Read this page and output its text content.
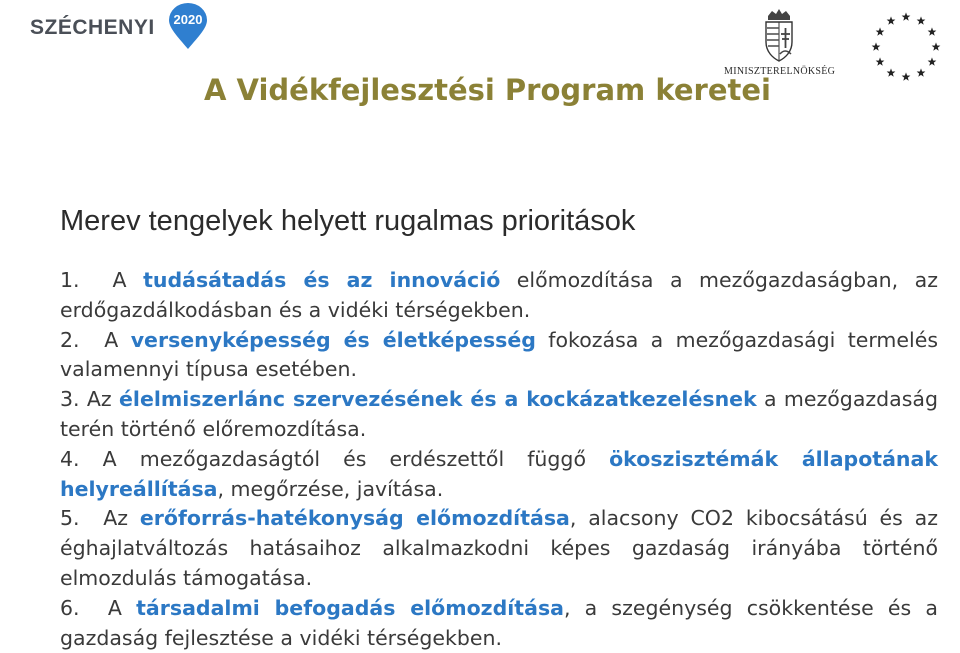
SZÉCHENYI 2020
MINISZTERELNÖKSÉG
A Vidékfejlesztési Program keretei
Merev tengelyek helyett rugalmas prioritások

1. A tudásátadás és az innováció előmozdítása a mezőgazdaságban, az erdőgazdálkodásban és a vidéki térségekben.

2. A versenyképesség és életképesség fokozása a mezőgazdasági termelés valamennyi típusa esetében.

3. Az élelmiszerlánc szervezésének és a kockázatkezelésnek a mezőgazdaság terén történő előremozdítása.

4. A mezőgazdaságtól és erdészettől függő ökoszisztémák állapotának helyreállítása, megőrzése, javítása.

5. Az erőforrás-hatékonyság előmozdítása, alacsony CO2 kibocsátású és az éghajlatváltozás hatásaihoz alkalmazkodni képes gazdaság irányába történő elmozdulás támogatása.

6. A társadalmi befogadás előmozdítása, a szegénység csökkentése és a gazdaság fejlesztése a vidéki térségekben.
